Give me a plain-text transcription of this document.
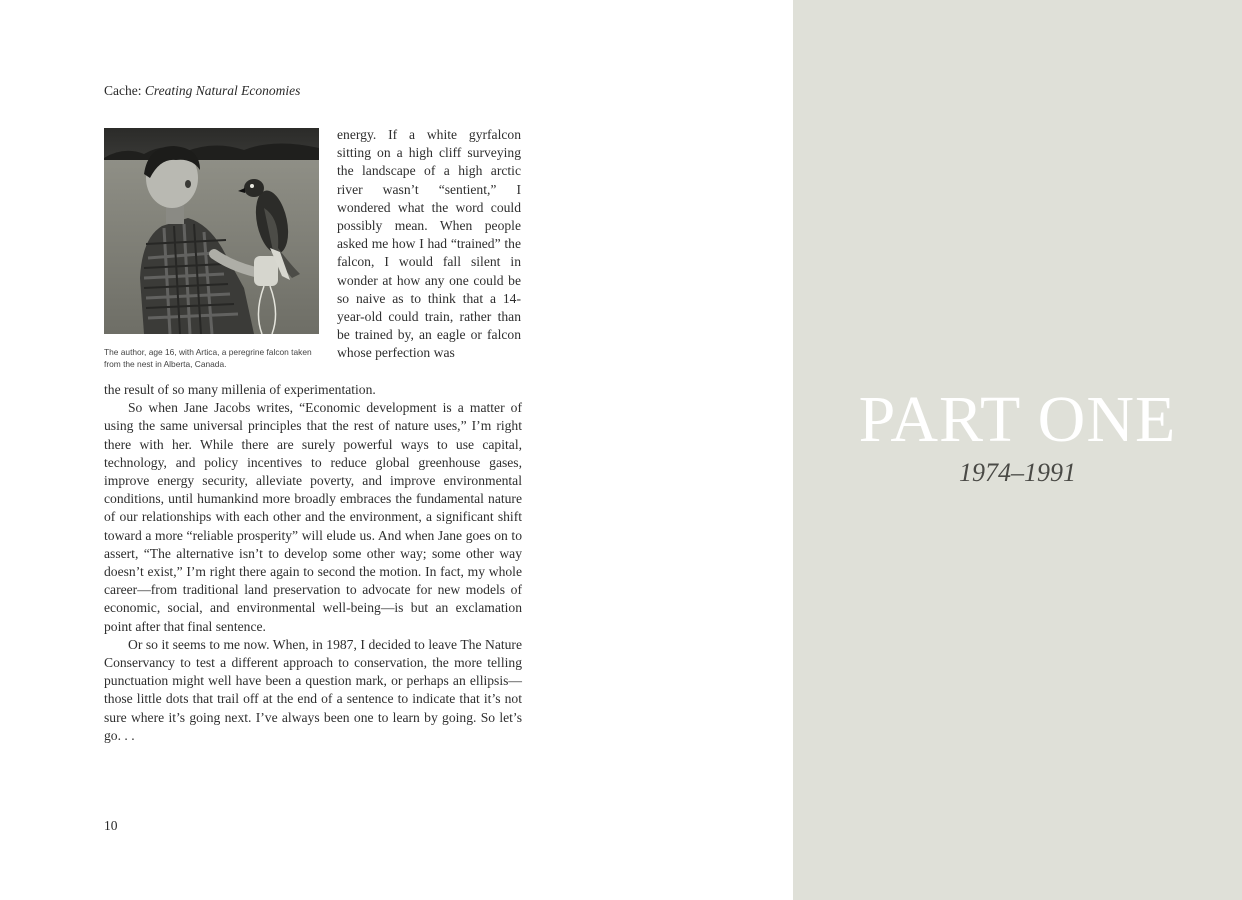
Cache: Creating Natural Economies
The author, age 16, with Artica, a peregrine falcon taken from the nest in Alberta, Canada.

energy. If a white gyrfalcon sitting on a high cliff surveying the landscape of a high arctic river wasn’t “sentient,” I wondered what the word could possibly mean. When people asked me how I had “trained” the falcon, I would fall silent in wonder at how any one could be so naive as to think that a 14-year-old could train, rather than be trained by, an eagle or falcon whose perfection was

the result of so many millenia of experimentation.

So when Jane Jacobs writes, “Economic development is a matter of using the same universal principles that the rest of nature uses,” I’m right there with her. While there are surely powerful ways to use capital, technology, and policy incentives to reduce global greenhouse gases, improve energy security, alleviate poverty, and improve environmental conditions, until humankind more broadly embraces the fundamental nature of our relationships with each other and the environment, a significant shift toward a more “reliable prosperity” will elude us. And when Jane goes on to assert, “The alternative isn’t to develop some other way; some other way doesn’t exist,” I’m right there again to second the motion. In fact, my whole career—from traditional land preservation to advocate for new models of economic, social, and environmental well-being—is but an exclamation point after that final sentence.

Or so it seems to me now. When, in 1987, I decided to leave The Nature Conservancy to test a different approach to conservation, the more telling punctuation might well have been a question mark, or perhaps an ellipsis—those little dots that trail off at the end of a sentence to indicate that it’s not sure where it’s going next. I’ve always been one to learn by going. So let’s go. . .

10
PART ONE
1974–1991
